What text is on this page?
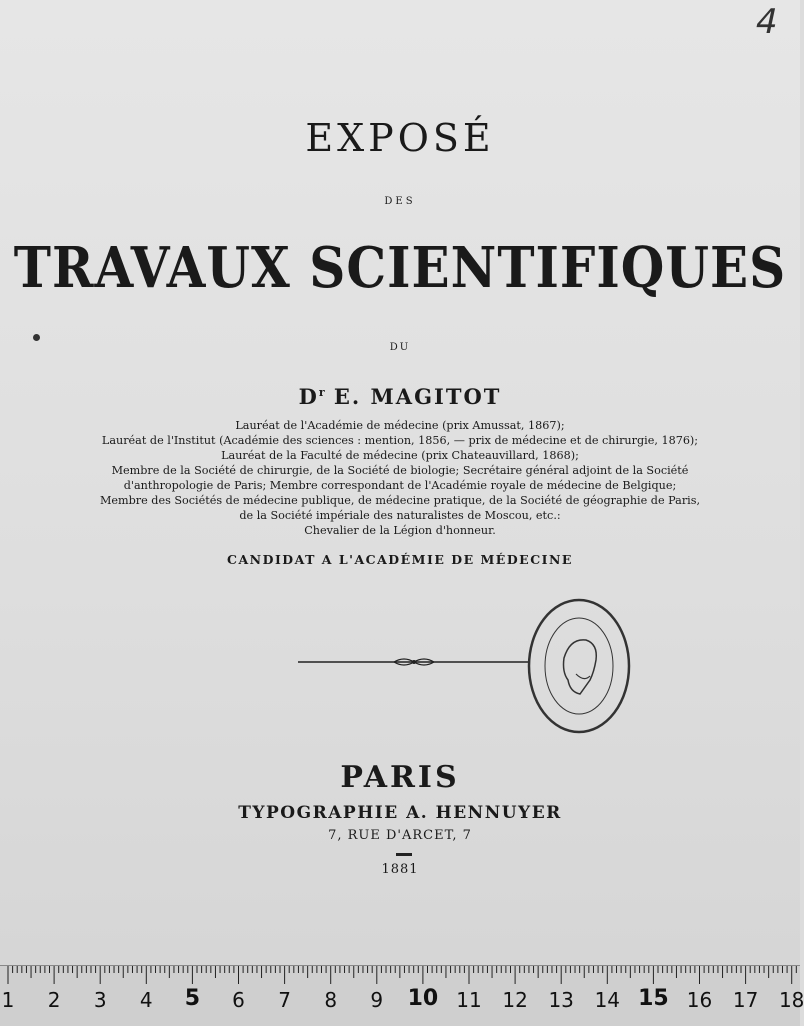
4
EXPOSÉ
DES
TRAVAUX SCIENTIFIQUES
DU
$D^r$ E. MAGITOT
Lauréat de l'Académie de médecine (prix Amussat, 1867);
Lauréat de l'Institut (Académie des sciences : mention, 1856, — prix de médecine et de chirurgie, 1876);
Lauréat de la Faculté de médecine (prix Chateauvillard, 1868);
Membre de la Société de chirurgie, de la Société de biologie; Secrétaire général adjoint de la Société
d'anthropologie de Paris; Membre correspondant de l'Académie royale de médecine de Belgique;
Membre des Sociétés de médecine publique, de médecine pratique, de la Société de géographie de Paris,
de la Société impériale des naturalistes de Moscou, etc.:
Chevalier de la Légion d'honneur.
CANDIDAT A L'ACADÉMIE DE MÉDECINE
PARIS
TYPOGRAPHIE A. HENNUYER
7, RUE D'ARCET, 7
1881
1 2 3 4 5 6 7 8 9 10 11 12 13 14 15 16 17 18
